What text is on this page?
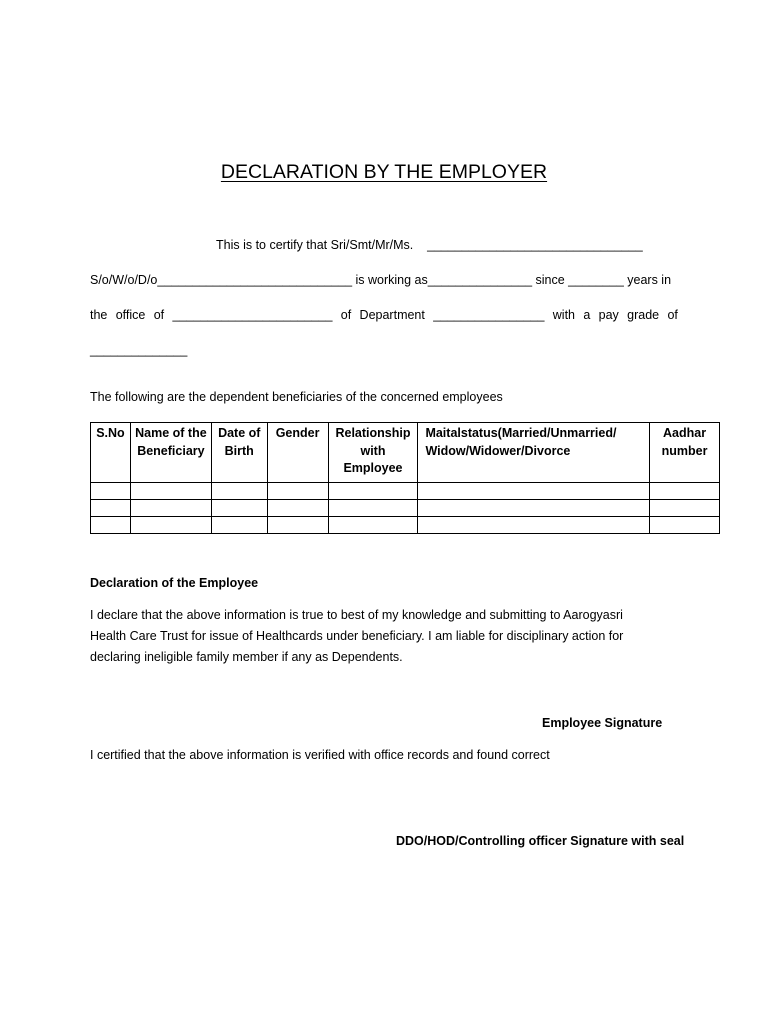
DECLARATION BY THE EMPLOYER
This is to certify that Sri/Smt/Mr/Ms.    _______________________________
S/o/W/o/D/o____________________________ is working as_______________ since ________ years in
the office of _______________________ of Department ________________ with a pay grade of
______________
The following are the dependent beneficiaries of the concerned employees
S.No	Name of the Beneficiary	Date of Birth	Gender	Relationship with Employee	Maitalstatus(Married/Unmarried/ Widow/Widower/Divorce	Aadhar number

Declaration of the Employee
I declare that the above information is true to best of my knowledge and submitting to Aarogyasri Health Care Trust for issue of Healthcards under beneficiary. I am liable for disciplinary action for declaring ineligible family member if any as Dependents.
Employee Signature
I certified that the above information is verified with office records and found correct
DDO/HOD/Controlling officer Signature with seal
